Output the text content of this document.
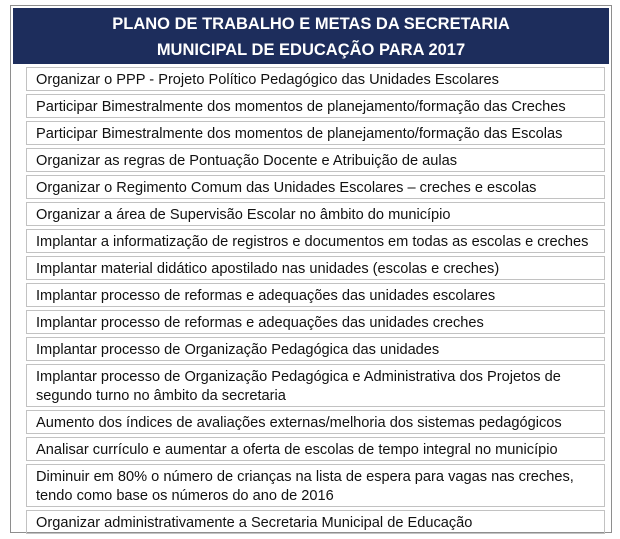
PLANO DE TRABALHO E METAS DA SECRETARIA
MUNICIPAL DE EDUCAÇÃO PARA 2017
Organizar o PPP - Projeto Político Pedagógico das Unidades Escolares
Participar Bimestralmente dos momentos de planejamento/formação das Creches
Participar Bimestralmente dos momentos de planejamento/formação das Escolas
Organizar as regras de Pontuação Docente e Atribuição de aulas
Organizar o Regimento Comum das Unidades Escolares – creches e escolas
Organizar a área de Supervisão Escolar no âmbito do município
Implantar a informatização de registros e documentos em todas as escolas e creches
Implantar material didático apostilado nas unidades (escolas e creches)
Implantar processo de reformas e adequações das unidades escolares
Implantar processo de reformas e adequações das unidades creches
Implantar processo de Organização Pedagógica das unidades
Implantar processo de Organização Pedagógica e Administrativa dos Projetos de segundo turno no âmbito da secretaria
Aumento dos índices de avaliações externas/melhoria dos sistemas pedagógicos
Analisar currículo e aumentar a oferta de escolas de tempo integral no município
Diminuir em 80% o número de crianças na lista de espera para vagas nas creches, tendo como base os números do ano de 2016
Organizar administrativamente a Secretaria Municipal de Educação
